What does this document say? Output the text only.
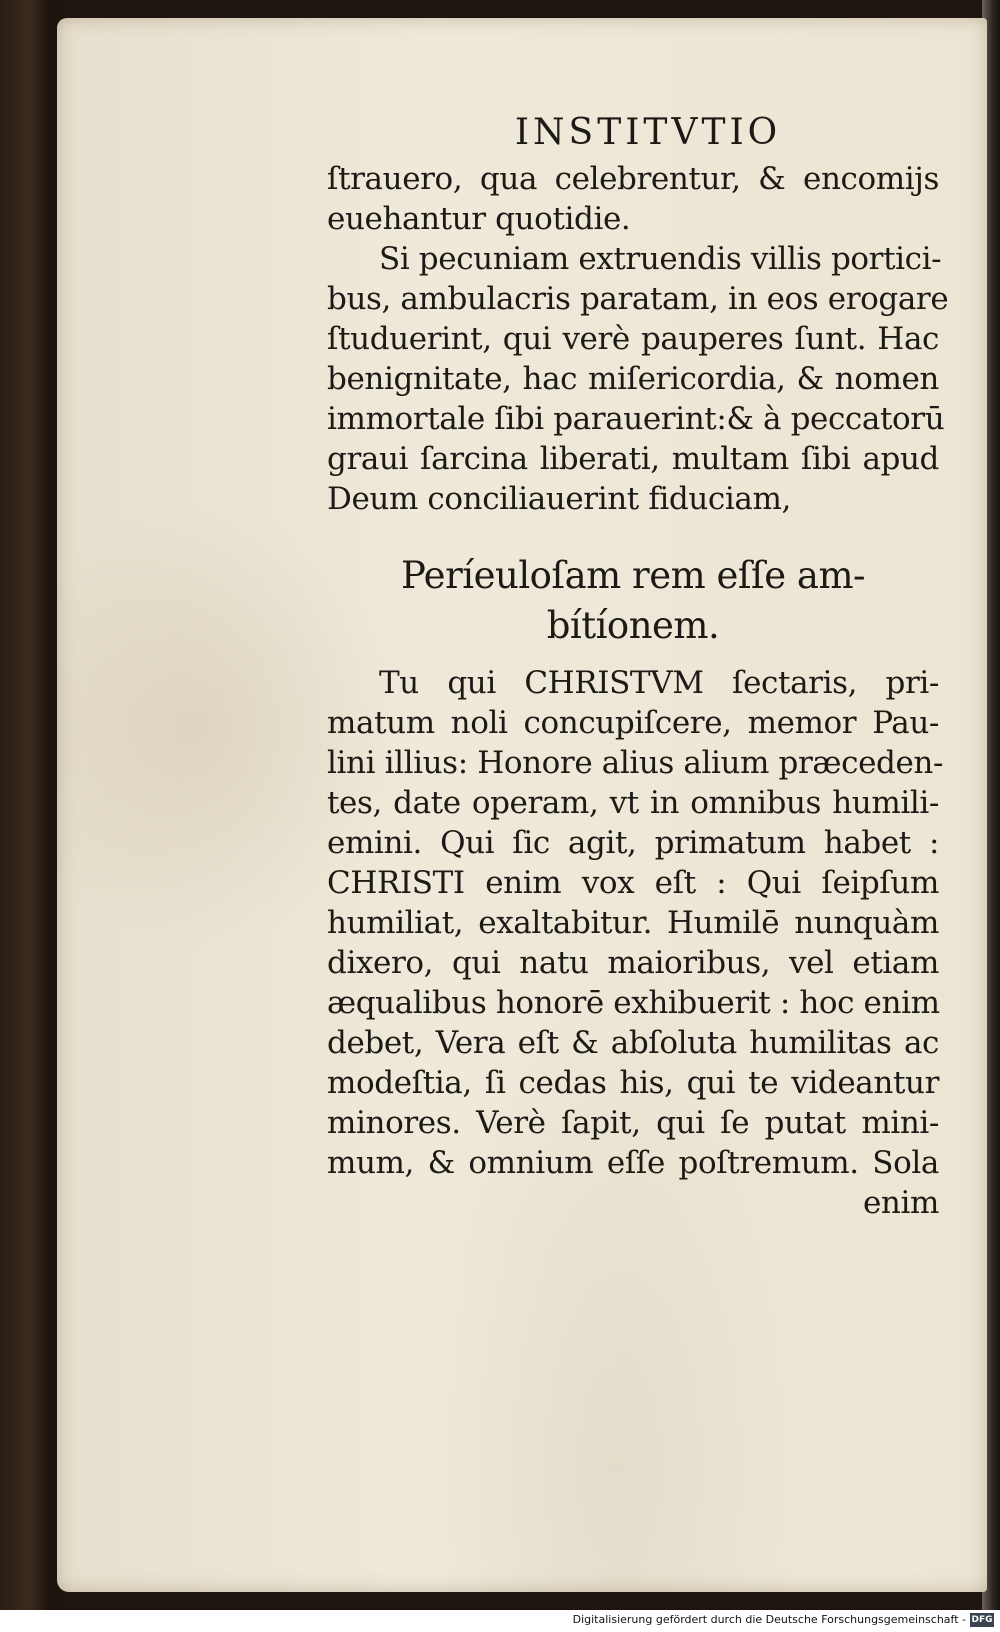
INSTITVTIO
ſtrauero, qua celebrentur, & encomijs
euehantur quotidie.
Si pecuniam extruendis villis portici-
bus, ambulacris paratam, in eos erogare
ſtuduerint, qui verè pauperes ſunt. Hac
benignitate, hac miſericordia, & nomen
immortale ſibi parauerint:& à peccatorū
graui ſarcina liberati, multam ſibi apud
Deum conciliauerint fiduciam,
Períeuloſam rem eſſe am-
bítíonem.
Tu qui CHRISTVM ſectaris, pri-
matum noli concupiſcere, memor Pau-
lini illius: Honore alius alium præceden-
tes, date operam, vt in omnibus humili-
emini. Qui ſic agit, primatum habet :
CHRISTI enim vox eſt : Qui ſeipſum
humiliat, exaltabitur. Humilē nunquàm
dixero, qui natu maioribus, vel etiam
æqualibus honorē exhibuerit : hoc enim
debet, Vera eſt & abſoluta humilitas ac
modeſtia, ſi cedas his, qui te videantur
minores. Verè ſapit, qui ſe putat mini-
mum, & omnium eſſe poſtremum. Sola
enim
Digitalisierung gefördert durch die Deutsche Forschungsgemeinschaft - DFG
